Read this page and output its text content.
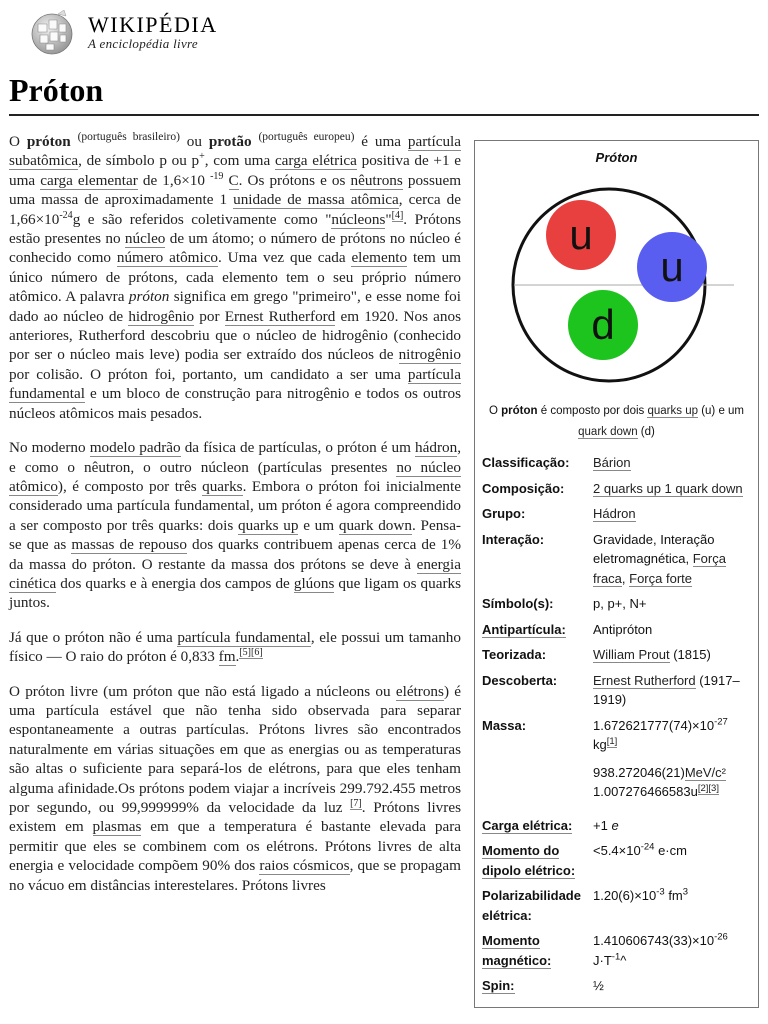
WIKIPÉDIA
A enciclopédia livre
Próton

O próton $^{(português brasileiro)}$ ou protão $^{(português europeu)}$ é uma partícula subatômica, de símbolo p ou p+, com uma carga elétrica positiva de +1 e uma carga elementar de 1,6×10 $^{-19}$ C. Os prótons e os nêutrons possuem uma massa de aproximadamente 1 unidade de massa atômica, cerca de $1,66\times 10^{-24}g$ e são referidos coletivamente como "núcleons"[4]. Prótons estão presentes no núcleo de um átomo; o número de prótons no núcleo é conhecido como número atômico. Uma vez que cada elemento tem um único número de prótons, cada elemento tem o seu próprio número atômico. A palavra próton significa em grego "primeiro", e esse nome foi dado ao núcleo de hidrogênio por Ernest Rutherford em 1920. Nos anos anteriores, Rutherford descobriu que o núcleo de hidrogênio (conhecido por ser o núcleo mais leve) podia ser extraído dos núcleos de nitrogênio por colisão. O próton foi, portanto, um candidato a ser uma partícula fundamental e um bloco de construção para nitrogênio e todos os outros núcleos atômicos mais pesados.

No moderno modelo padrão da física de partículas, o próton é um hádron, e como o nêutron, o outro núcleon (partículas presentes no núcleo atômico), é composto por três quarks. Embora o próton foi inicialmente considerado uma partícula fundamental, um próton é agora compreendido a ser composto por três quarks: dois quarks up e um quark down. Pensa-se que as massas de repouso dos quarks contribuem apenas cerca de 1% da massa do próton. O restante da massa dos prótons se deve à energia cinética dos quarks e à energia dos campos de glúons que ligam os quarks juntos.

Já que o próton não é uma partícula fundamental, ele possui um tamanho físico — O raio do próton é 0,833 fm.[5][6]

O próton livre (um próton que não está ligado a núcleons ou elétrons) é uma partícula estável que não tenha sido observada para separar espontaneamente a outras partículas. Prótons livres são encontrados naturalmente em várias situações em que as energias ou as temperaturas são altas o suficiente para separá-los de elétrons, para que eles tenham alguma afinidade.Os prótons podem viajar a incríveis 299.792.455 metros por segundo, ou 99,999999% da velocidade da luz [7]. Prótons livres existem em plasmas em que a temperatura é bastante elevada para permitir que eles se combinem com os elétrons. Prótons livres de alta energia e velocidade compõem 90% dos raios cósmicos, que se propagam no vácuo em distâncias interestelares. Prótons livres

Próton
u
u
d
O próton é composto por dois quarks up (u) e um
quark down (d)
Classificação:	Bárion
Composição:	2 quarks up 1 quark down
Grupo:	Hádron
Interação:	Gravidade, Interação eletromagnética, Força fraca, Força forte
Símbolo(s):	p, p+, N+
Antipartícula:	Antipróton
Teorizada:	William Prout (1815)
Descoberta:	Ernest Rutherford (1917–1919)
Massa:	$1.672621777(74)\times 10^{-27}$
kg[1]
938.272046(21)MeV/c²
1.007276466583u[2][3]
Carga elétrica:	+1 e
Momento do dipolo elétrico:	$<5.4\times 10^{-24}$ e·cm
Polarizabilidade elétrica:	$1.20(6)\times 10^{-3}$ $fm^3$
Momento magnético:	$1.410606743(33)\times 10^{-26}$
$J\cdot T^{-1}\^{}$
Spin:	½
